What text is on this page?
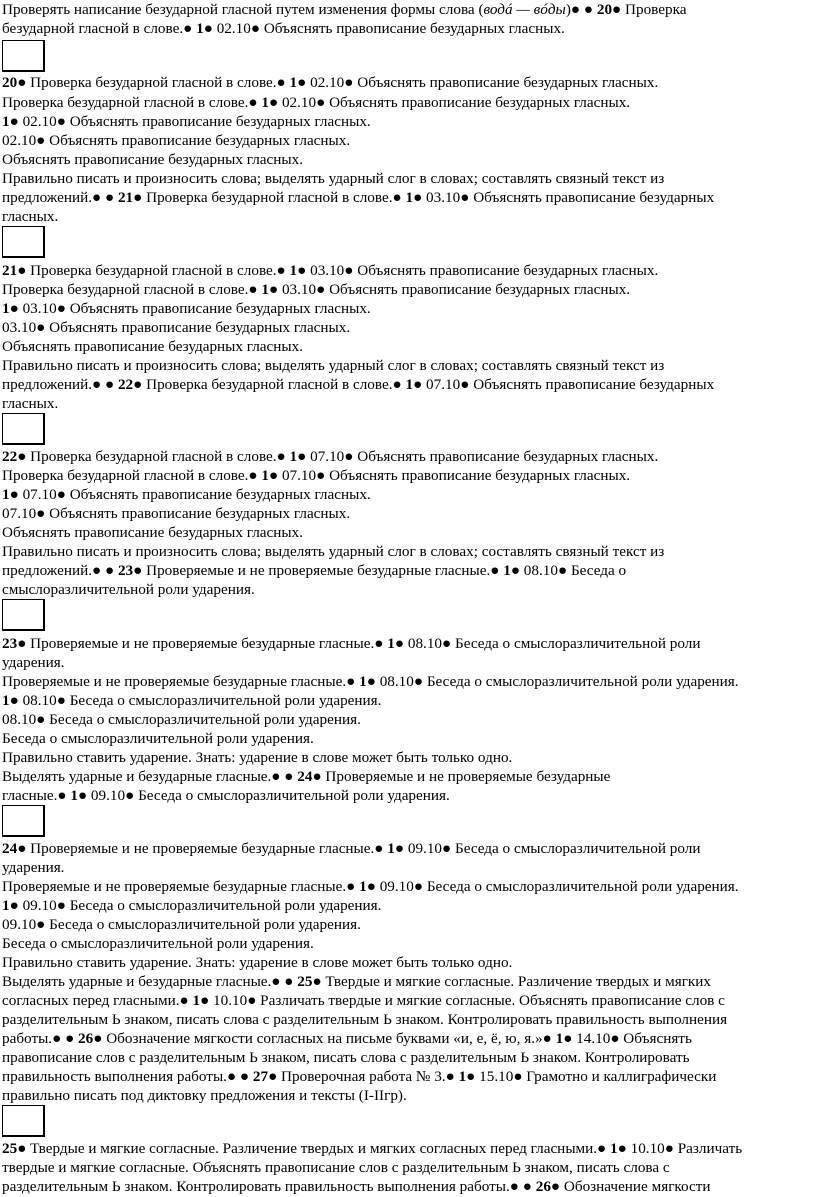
Проверять написание безударной гласной путем изменения формы слова (водá — вóды)● ● 20● Проверка
безударной гласной в слове.● 1● 02.10● Объяснять правописание безударных гласных.
20● Проверка безударной гласной в слове.● 1● 02.10● Объяснять правописание безударных гласных.
Проверка безударной гласной в слове.● 1● 02.10● Объяснять правописание безударных гласных.
1● 02.10● Объяснять правописание безударных гласных.
02.10● Объяснять правописание безударных гласных.
Объяснять правописание безударных гласных.
Правильно писать и произносить слова; выделять ударный слог в словах; составлять связный текст из
предложений.● ● 21● Проверка безударной гласной в слове.● 1● 03.10● Объяснять правописание безударных
гласных.
21● Проверка безударной гласной в слове.● 1● 03.10● Объяснять правописание безударных гласных.
Проверка безударной гласной в слове.● 1● 03.10● Объяснять правописание безударных гласных.
1● 03.10● Объяснять правописание безударных гласных.
03.10● Объяснять правописание безударных гласных.
Объяснять правописание безударных гласных.
Правильно писать и произносить слова; выделять ударный слог в словах; составлять связный текст из
предложений.● ● 22● Проверка безударной гласной в слове.● 1● 07.10● Объяснять правописание безударных
гласных.
22● Проверка безударной гласной в слове.● 1● 07.10● Объяснять правописание безударных гласных.
Проверка безударной гласной в слове.● 1● 07.10● Объяснять правописание безударных гласных.
1● 07.10● Объяснять правописание безударных гласных.
07.10● Объяснять правописание безударных гласных.
Объяснять правописание безударных гласных.
Правильно писать и произносить слова; выделять ударный слог в словах; составлять связный текст из
предложений.● ● 23● Проверяемые и не проверяемые безударные гласные.● 1● 08.10● Беседа о
смыслоразличительной роли ударения.
23● Проверяемые и не проверяемые безударные гласные.● 1● 08.10● Беседа о смыслоразличительной роли
ударения.
Проверяемые и не проверяемые безударные гласные.● 1● 08.10● Беседа о смыслоразличительной роли ударения.
1● 08.10● Беседа о смыслоразличительной роли ударения.
08.10● Беседа о смыслоразличительной роли ударения.
Беседа о смыслоразличительной роли ударения.
Правильно ставить ударение. Знать: ударение в слове может быть только одно.
Выделять ударные и безударные гласные.● ● 24● Проверяемые и не проверяемые безударные
гласные.● 1● 09.10● Беседа о смыслоразличительной роли ударения.
24● Проверяемые и не проверяемые безударные гласные.● 1● 09.10● Беседа о смыслоразличительной роли
ударения.
Проверяемые и не проверяемые безударные гласные.● 1● 09.10● Беседа о смыслоразличительной роли ударения.
1● 09.10● Беседа о смыслоразличительной роли ударения.
09.10● Беседа о смыслоразличительной роли ударения.
Беседа о смыслоразличительной роли ударения.
Правильно ставить ударение. Знать: ударение в слове может быть только одно.
Выделять ударные и безударные гласные.● ● 25● Твердые и мягкие согласные. Различение твердых и мягких
согласных перед гласными.● 1● 10.10● Различать твердые и мягкие согласные. Объяснять правописание слов с
разделительным Ь знаком, писать слова с разделительным Ь знаком. Контролировать правильность выполнения
работы.● ● 26● Обозначение мягкости согласных на письме буквами «и, е, ё, ю, я.»● 1● 14.10● Объяснять
правописание слов с разделительным Ь знаком, писать слова с разделительным Ь знаком. Контролировать
правильность выполнения работы.● ● 27● Проверочная работа № 3.● 1● 15.10● Грамотно и каллиграфически
правильно писать под диктовку предложения и тексты (I-IIгр).
25● Твердые и мягкие согласные. Различение твердых и мягких согласных перед гласными.● 1● 10.10● Различать
твердые и мягкие согласные. Объяснять правописание слов с разделительным Ь знаком, писать слова с
разделительным Ь знаком. Контролировать правильность выполнения работы.● ● 26● Обозначение мягкости
